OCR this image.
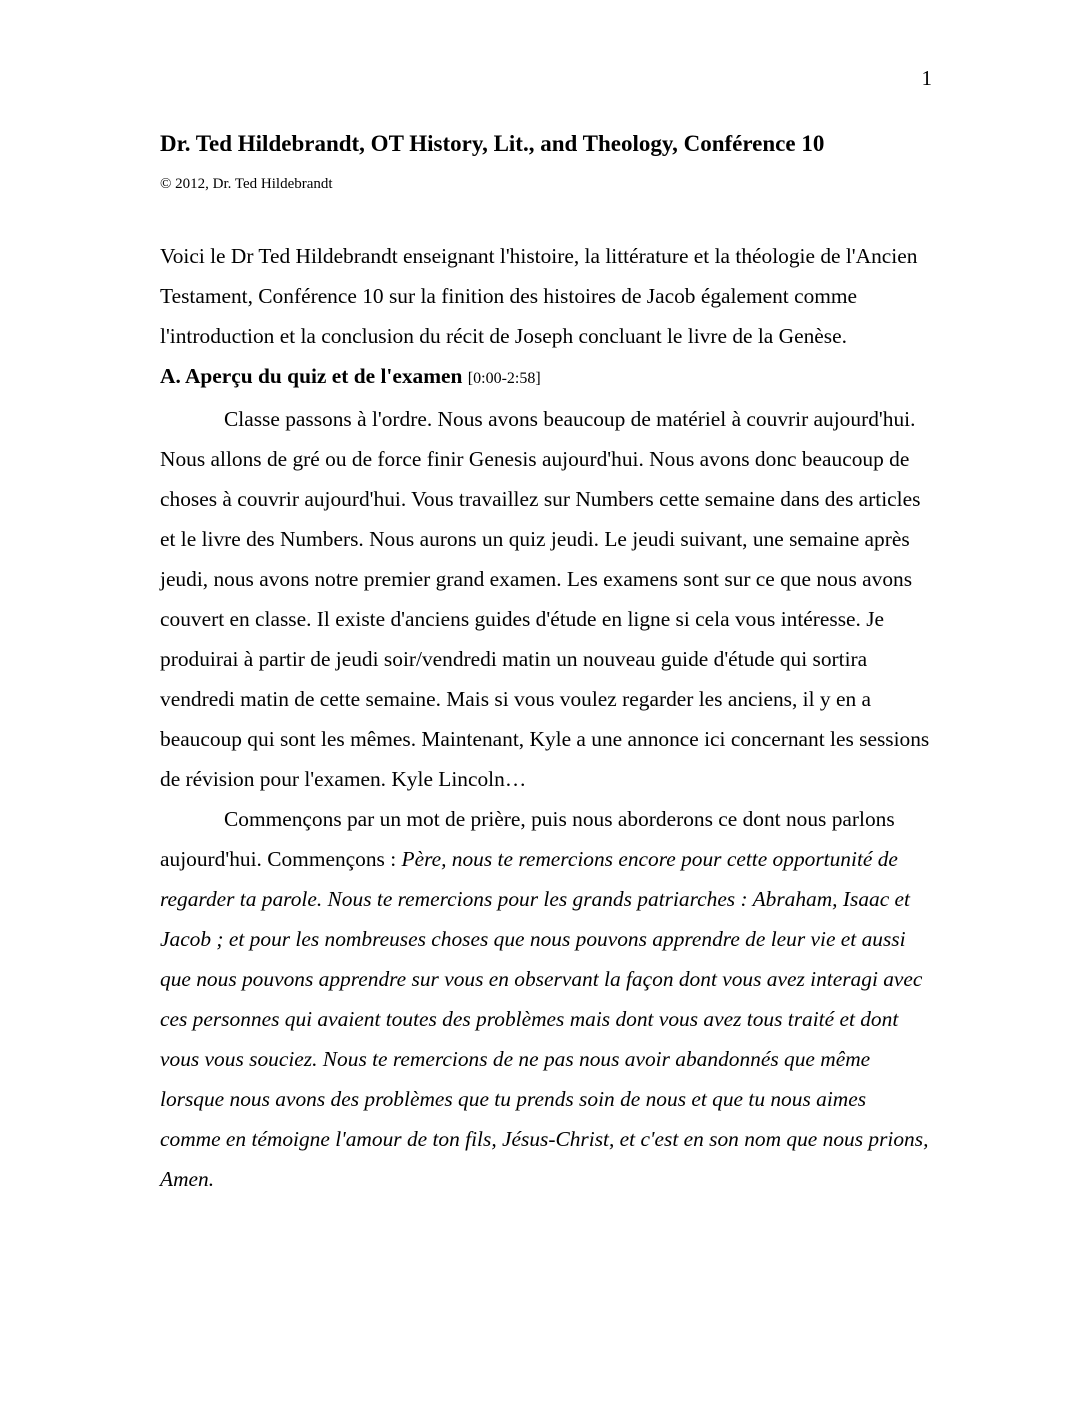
1
Dr. Ted Hildebrandt, OT History, Lit., and Theology, Conférence 10
© 2012, Dr. Ted Hildebrandt

Voici le Dr Ted Hildebrandt enseignant l'histoire, la littérature et la théologie de l'Ancien Testament, Conférence 10 sur la finition des histoires de Jacob également comme l'introduction et la conclusion du récit de Joseph concluant le livre de la Genèse.

A. Aperçu du quiz et de l'examen [0:00-2:58]

Classe passons à l'ordre. Nous avons beaucoup de matériel à couvrir aujourd'hui. Nous allons de gré ou de force finir Genesis aujourd'hui. Nous avons donc beaucoup de choses à couvrir aujourd'hui. Vous travaillez sur Numbers cette semaine dans des articles et le livre des Numbers. Nous aurons un quiz jeudi. Le jeudi suivant, une semaine après jeudi, nous avons notre premier grand examen. Les examens sont sur ce que nous avons couvert en classe. Il existe d'anciens guides d'étude en ligne si cela vous intéresse. Je produirai à partir de jeudi soir/vendredi matin un nouveau guide d'étude qui sortira vendredi matin de cette semaine. Mais si vous voulez regarder les anciens, il y en a beaucoup qui sont les mêmes. Maintenant, Kyle a une annonce ici concernant les sessions de révision pour l'examen. Kyle Lincoln…

Commençons par un mot de prière, puis nous aborderons ce dont nous parlons aujourd'hui. Commençons : Père, nous te remercions encore pour cette opportunité de regarder ta parole. Nous te remercions pour les grands patriarches : Abraham, Isaac et Jacob ; et pour les nombreuses choses que nous pouvons apprendre de leur vie et aussi que nous pouvons apprendre sur vous en observant la façon dont vous avez interagi avec ces personnes qui avaient toutes des problèmes mais dont vous avez tous traité et dont vous vous souciez. Nous te remercions de ne pas nous avoir abandonnés que même lorsque nous avons des problèmes que tu prends soin de nous et que tu nous aimes comme en témoigne l'amour de ton fils, Jésus-Christ, et c'est en son nom que nous prions, Amen.
